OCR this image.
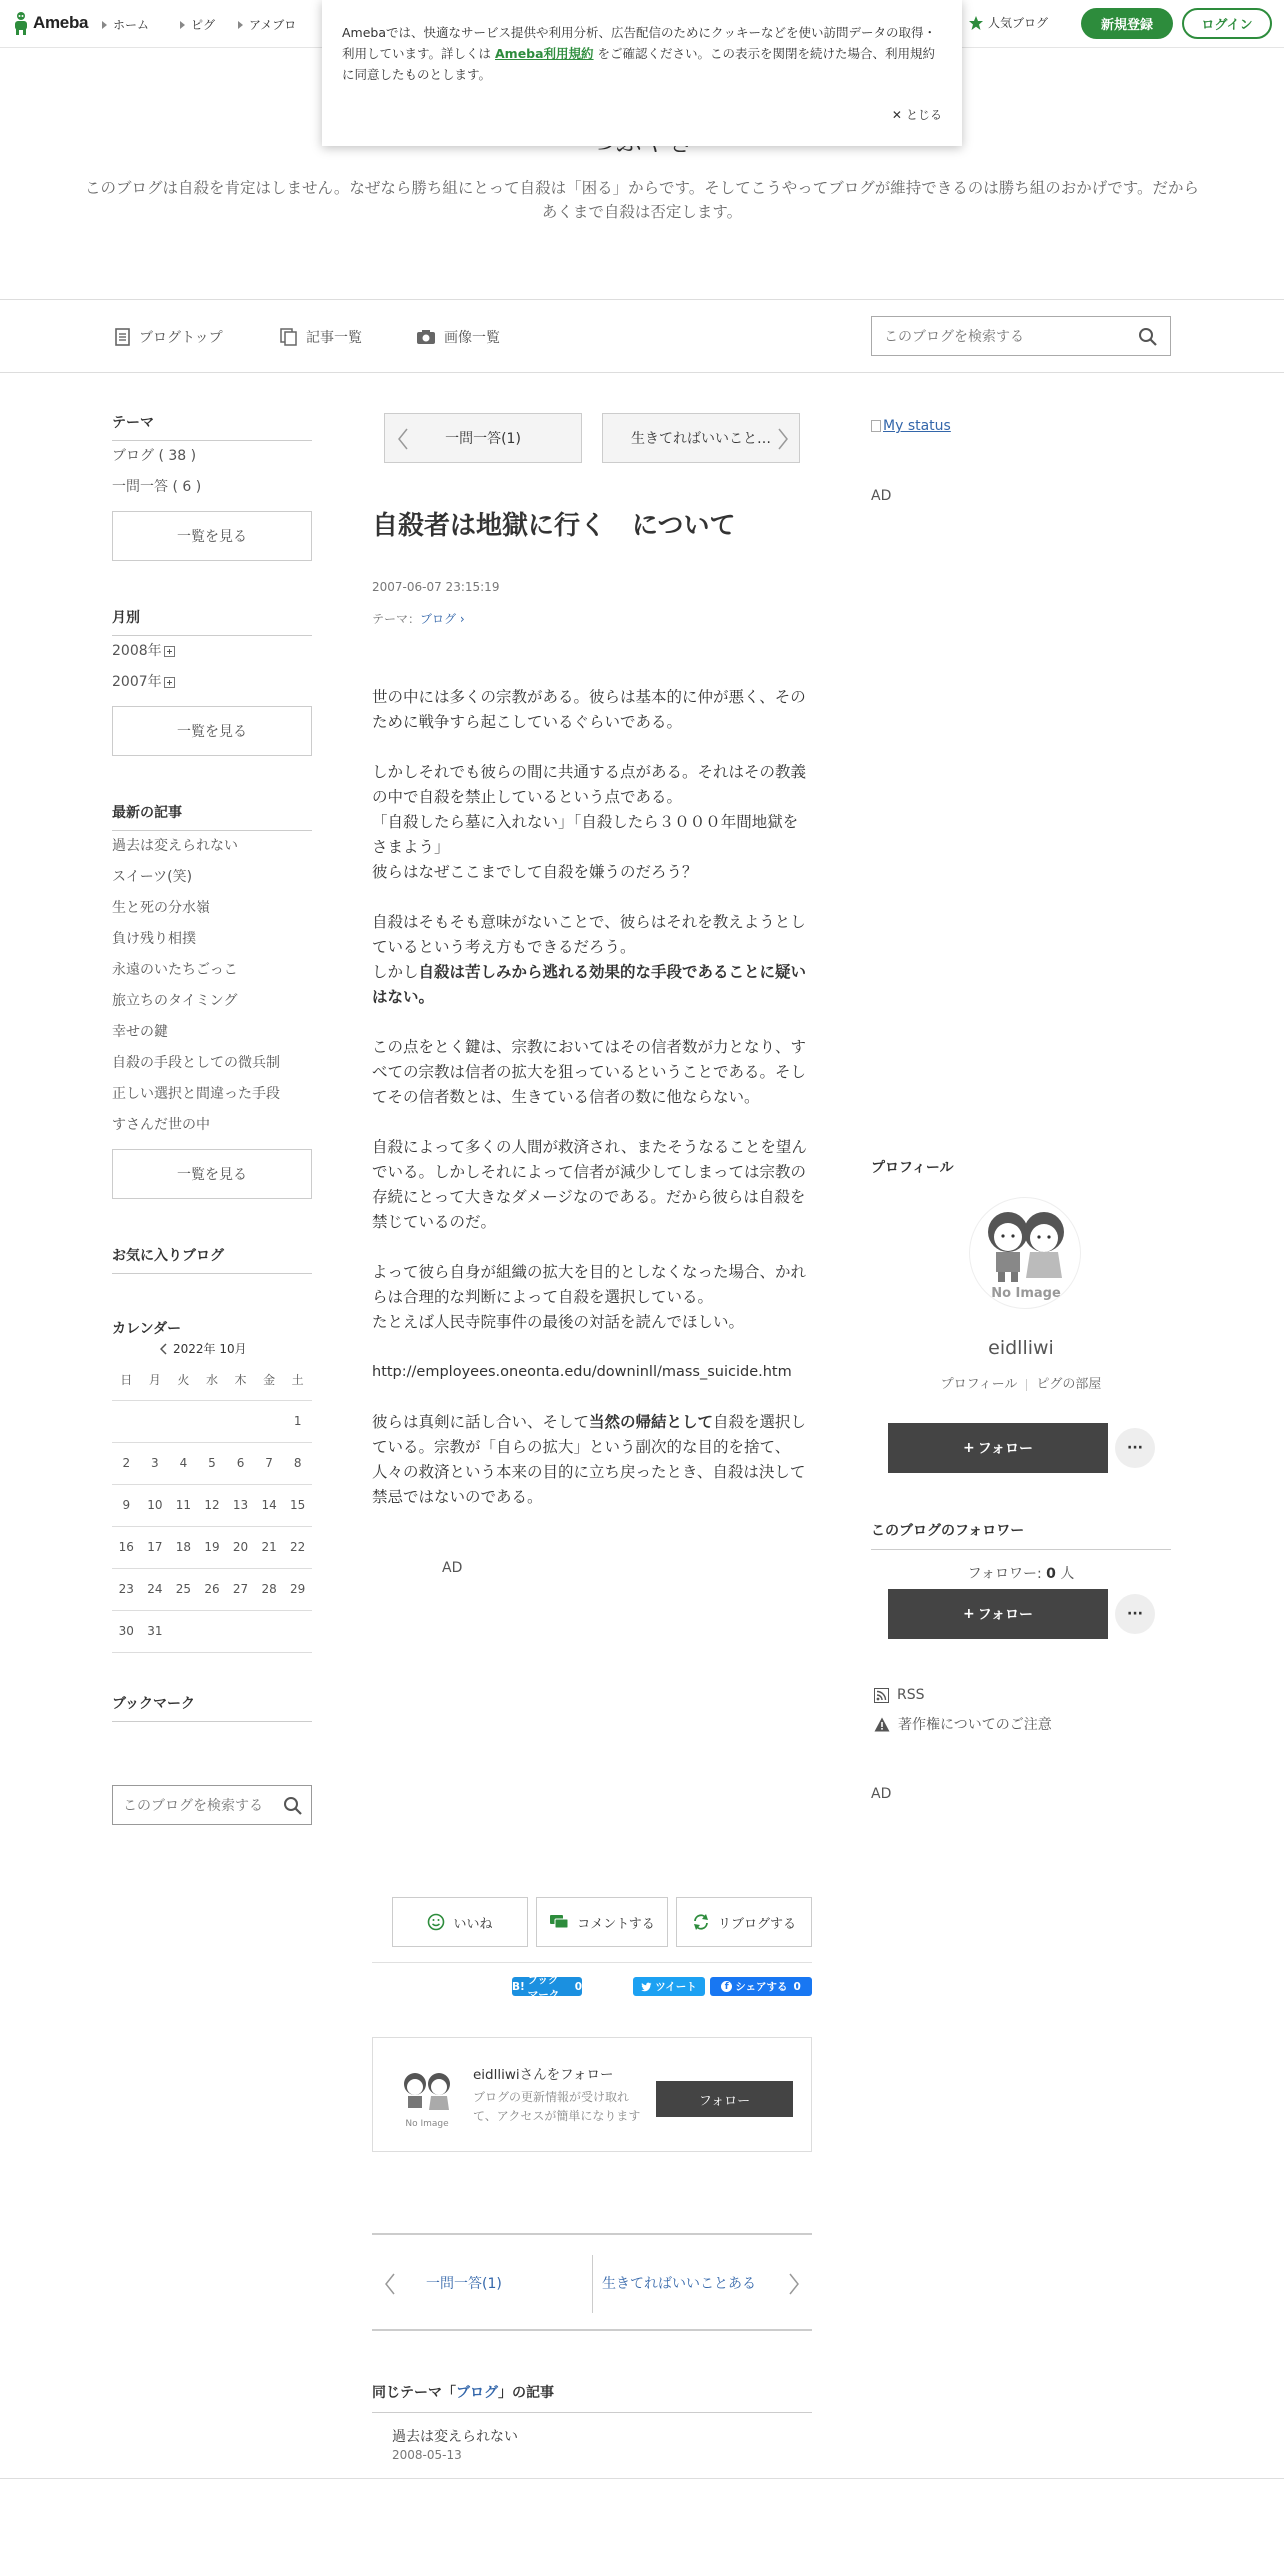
Ameba ホーム	ピグ	アメブロ	人気ブログ	新規登録	ログイン
Amebaでは、快適なサービス提供や利用分析、広告配信のためにクッキーなどを使い訪問データの取得・利用しています。詳しくは Ameba利用規約 をご確認ください。この表示を関閉を続けた場合、利用規約に同意したものとします。
✕ とじる
このブログは自殺を肯定はしません。なぜなら勝ち組にとって自殺は「困る」からです。そしてこうやってブログが維持できるのは勝ち組のおかげです。だからあくまで自殺は否定します。
ブログトップ	記事一覧	画像一覧
このブログを検索する
テーマ
ブログ ( 38 )
一問一答 ( 6 )
一覧を見る
月別
2008年
2007年
一覧を見る
最新の記事
過去は変えられない
スイーツ(笑)
生と死の分水嶺
負け残り相撲
永遠のいたちごっこ
旅立ちのタイミング
幸せの鍵
自殺の手段としての微兵制
正しい選択と間違った手段
すさんだ世の中
一覧を見る
お気に入りブログ
カレンダー
2022年 10月
日	月	火	水	木	金	土
						1
2	3	4	5	6	7	8
9	10	11	12	13	14	15
16	17	18	19	20	21	22
23	24	25	26	27	28	29
30	31					
ブックマーク
このブログを検索する
一問一答(1)	生きてればいいこと…
自殺者は地獄に行く　について
2007-06-07 23:15:19
テーマ：ブログ ›

世の中には多くの宗教がある。彼らは基本的に仲が悪く、そのために戦争すら起こしているぐらいである。

しかしそれでも彼らの間に共通する点がある。それはその教義の中で自殺を禁止しているという点である。
「自殺したら墓に入れない」「自殺したら３０００年間地獄をさまよう」
彼らはなぜここまでして自殺を嫌うのだろう？

自殺はそもそも意味がないことで、彼らはそれを教えようとしているという考え方もできるだろう。
しかし自殺は苦しみから逃れる効果的な手段であることに疑いはない。

この点をとく鍵は、宗教においてはその信者数が力となり、すべての宗教は信者の拡大を狙っているということである。そしてその信者数とは、生きている信者の数に他ならない。

自殺によって多くの人間が救済され、またそうなることを望んでいる。しかしそれによって信者が減少してしまっては宗教の存続にとって大きなダメージなのである。だから彼らは自殺を禁じているのだ。

よって彼ら自身が組織の拡大を目的としなくなった場合、かれらは合理的な判断によって自殺を選択している。
たとえば人民寺院事件の最後の対話を読んでほしい。

http://employees.oneonta.edu/downinll/mass_suicide.htm

彼らは真剣に話し合い、そして当然の帰結として自殺を選択している。宗教が「自らの拡大」という副次的な目的を捨て、人々の救済という本来の目的に立ち戻ったとき、自殺は決して禁忌ではないのである。

AD
いいね	コメントする	リブログする
B!
ブックマーク
0	ツイート	f シェアする 0
No Image
eidlliwiさんをフォロー
ブログの更新情報が受け取れて、アクセスが簡単になります
フォロー
一問一答(1)	生きてればいいことある
同じテーマ「ブログ」の記事
過去は変えられない
2008-05-13
My status
AD
プロフィール
No Image
eidlliwi
プロフィール ピグの部屋
+ フォロー	···
このブログのフォロワー
フォロワー: 0 人
+ フォロー	···
RSS
著作権についてのご注意
AD
